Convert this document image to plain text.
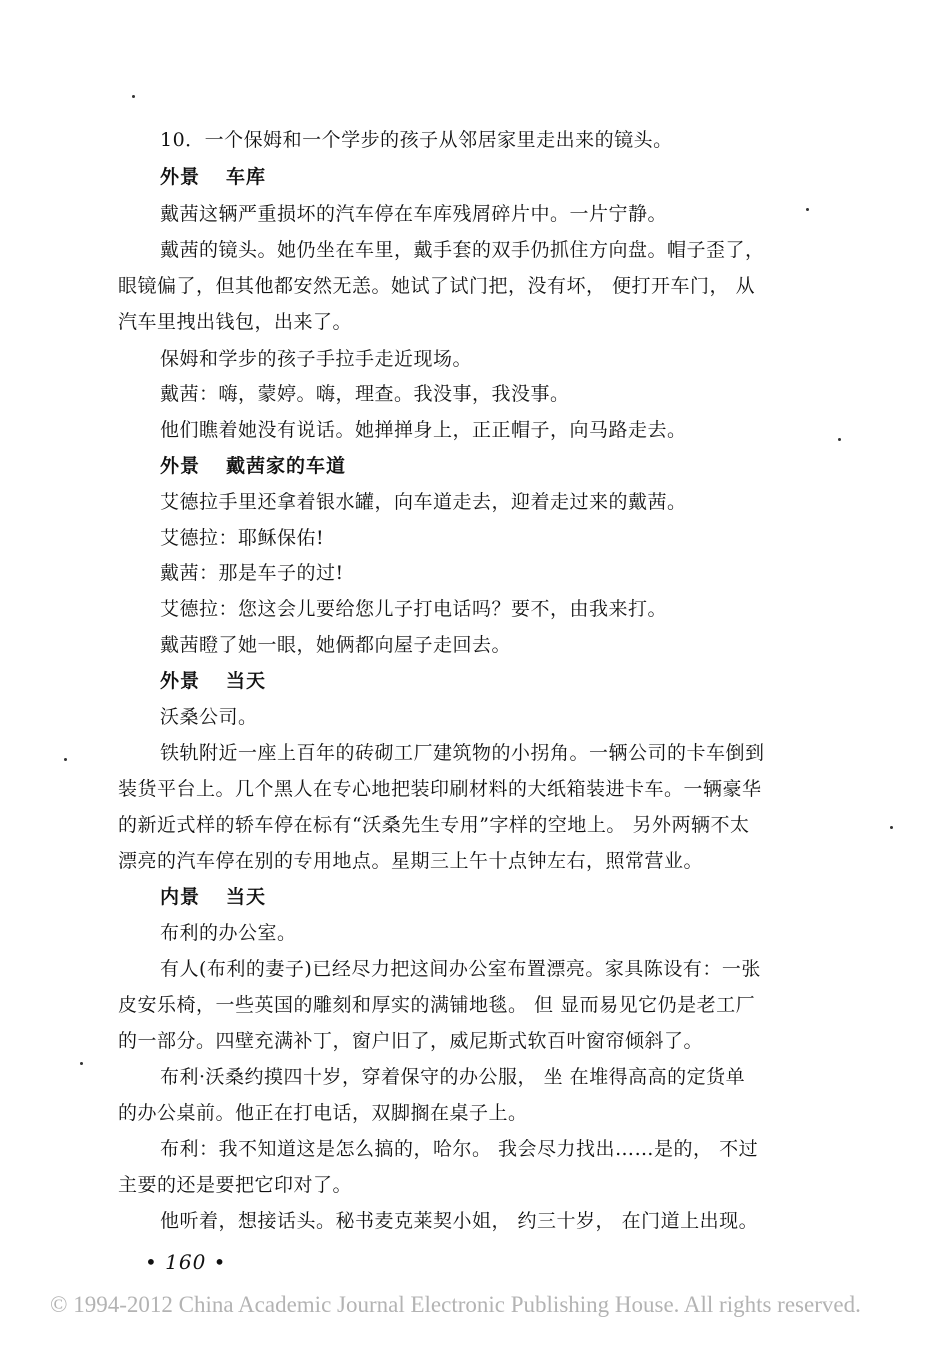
10．一个保姆和一个学步的孩子从邻居家里走出来的镜头。
外景 车库
戴茜这辆严重损坏的汽车停在车库残屑碎片中。一片宁静。
戴茜的镜头。她仍坐在车里，戴手套的双手仍抓住方向盘。帽子歪了，
眼镜偏了，但其他都安然无恙。她试了试门把，没有坏， 便打开车门， 从
汽车里拽出钱包，出来了。
保姆和学步的孩子手拉手走近现场。
戴茜：嗨，蒙婷。嗨，理查。我没事，我没事。
他们瞧着她没有说话。她掸掸身上，正正帽子，向马路走去。
外景 戴茜家的车道
艾德拉手里还拿着银水罐，向车道走去，迎着走过来的戴茜。
艾德拉：耶稣保佑!
戴茜：那是车子的过!
艾德拉：您这会儿要给您儿子打电话吗？要不，由我来打。
戴茜瞪了她一眼，她俩都向屋子走回去。
外景 当天
沃桑公司。
铁轨附近一座上百年的砖砌工厂建筑物的小拐角。一辆公司的卡车倒到
装货平台上。几个黑人在专心地把装印刷材料的大纸箱装进卡车。一辆豪华
的新近式样的轿车停在标有“沃桑先生专用”字样的空地上。 另外两辆不太
漂亮的汽车停在别的专用地点。星期三上午十点钟左右，照常营业。
内景 当天
布利的办公室。
有人(布利的妻子)已经尽力把这间办公室布置漂亮。家具陈设有：一张
皮安乐椅，一些英国的雕刻和厚实的满铺地毯。 但 显而易见它仍是老工厂
的一部分。四壁充满补丁，窗户旧了，威尼斯式软百叶窗帘倾斜了。
布利·沃桑约摸四十岁，穿着保守的办公服， 坐 在堆得高高的定货单
的办公桌前。他正在打电话，双脚搁在桌子上。
布利：我不知道这是怎么搞的，哈尔。 我会尽力找出……是的， 不过
主要的还是要把它印对了。
他听着，想接话头。秘书麦克莱契小姐， 约三十岁， 在门道上出现。
• 160 •
© 1994-2012 China Academic Journal Electronic Publishing House. All rights reserved.
